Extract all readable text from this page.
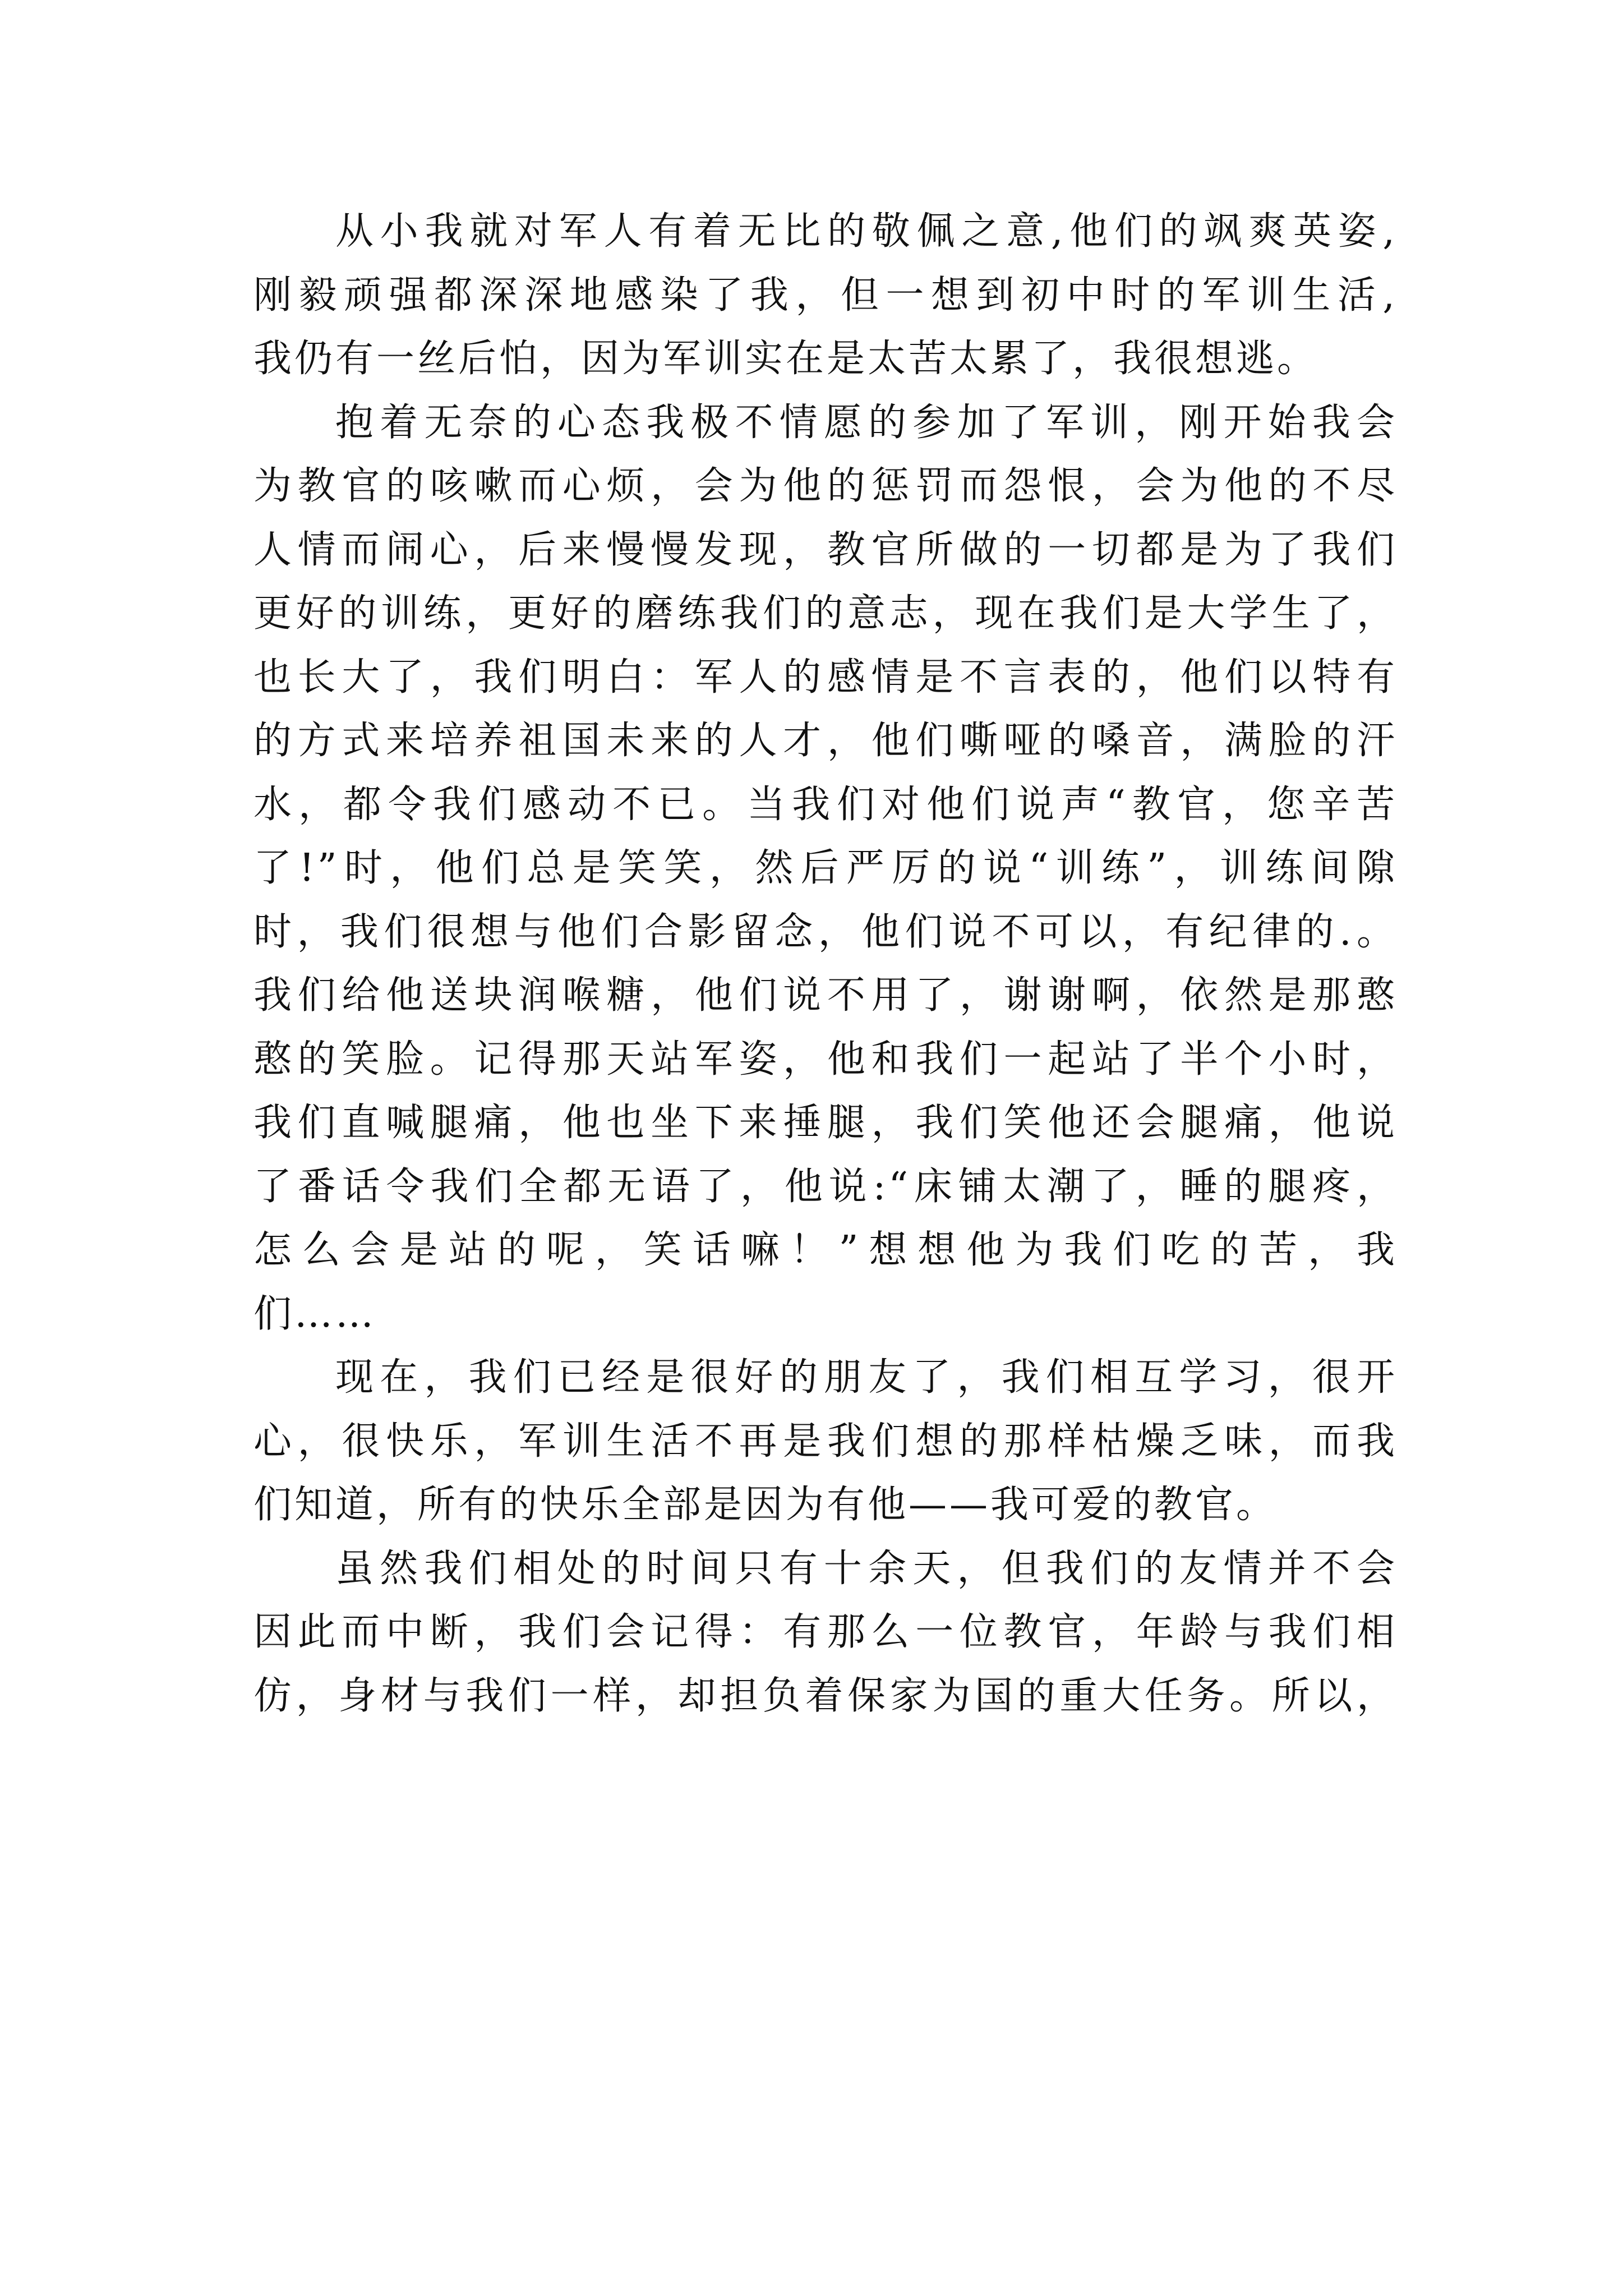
从小我就对军人有着无比的敬佩之意,他们的飒爽英姿,
刚毅顽强都深深地感染了我，但一想到初中时的军训生活,
我仍有一丝后怕，因为军训实在是太苦太累了，我很想逃。
抱着无奈的心态我极不情愿的参加了军训，刚开始我会
为教官的咳嗽而心烦，会为他的惩罚而怨恨，会为他的不尽
人情而闹心，后来慢慢发现，教官所做的一切都是为了我们
更好的训练，更好的磨练我们的意志，现在我们是大学生了，
也长大了，我们明白：军人的感情是不言表的，他们以特有
的方式来培养祖国未来的人才，他们嘶哑的嗓音，满脸的汗
水，都令我们感动不已。当我们对他们说声“教官，您辛苦
了!”时，他们总是笑笑，然后严厉的说“训练”，训练间隙
时，我们很想与他们合影留念，他们说不可以，有纪律的.。
我们给他送块润喉糖，他们说不用了，谢谢啊，依然是那憨
憨的笑脸。记得那天站军姿，他和我们一起站了半个小时，
我们直喊腿痛，他也坐下来捶腿，我们笑他还会腿痛，他说
了番话令我们全都无语了，他说:“床铺太潮了，睡的腿疼，
怎么会是站的呢，笑话嘛！”想想他为我们吃的苦，我
们……
现在，我们已经是很好的朋友了，我们相互学习，很开
心，很快乐，军训生活不再是我们想的那样枯燥乏味，而我
们知道，所有的快乐全部是因为有他——我可爱的教官。
虽然我们相处的时间只有十余天，但我们的友情并不会
因此而中断，我们会记得：有那么一位教官，年龄与我们相
仿，身材与我们一样，却担负着保家为国的重大任务。所以，
